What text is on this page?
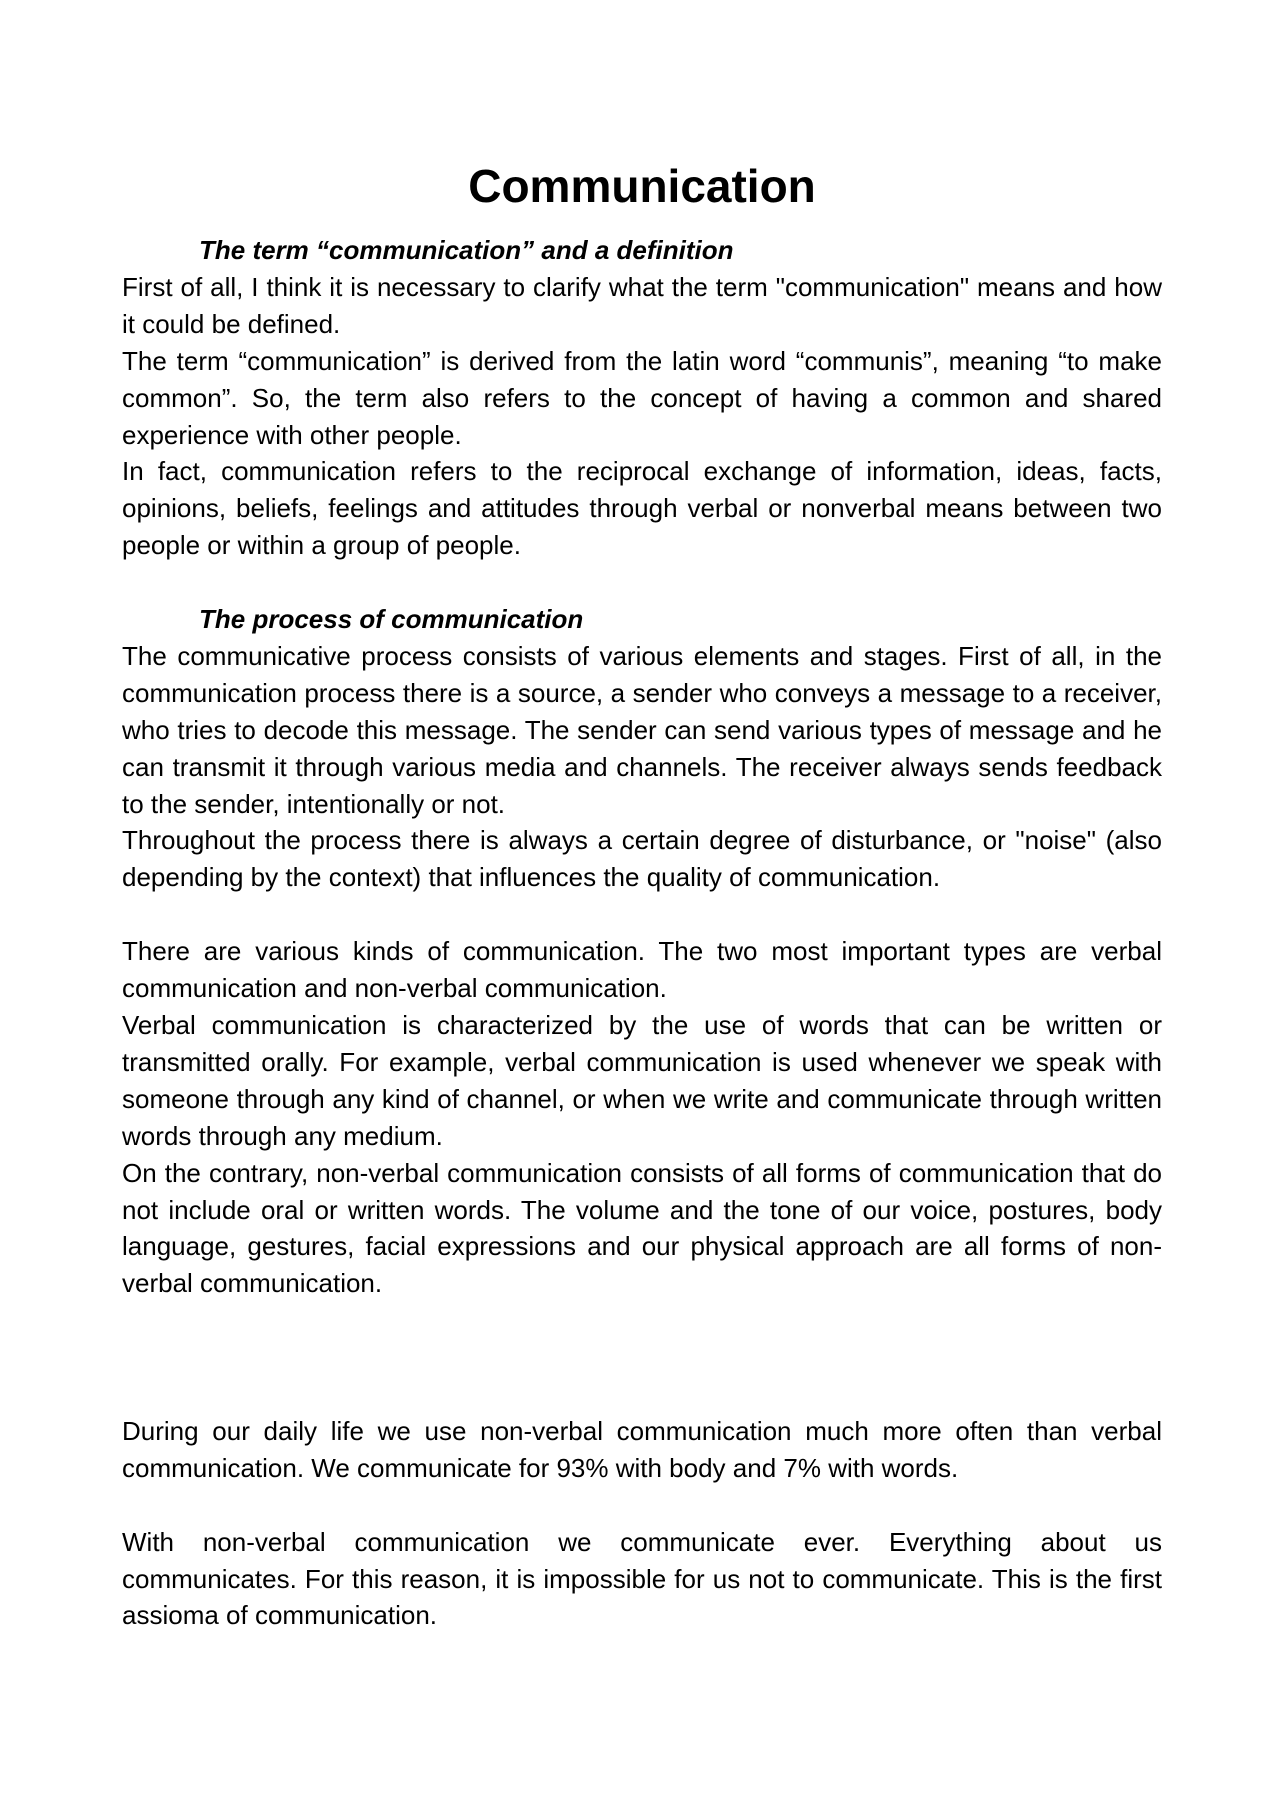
Communication

The term “communication” and a definition

First of all, I think it is necessary to clarify what the term "communication" means and how it could be defined.

The term “communication” is derived from the latin word “communis”, meaning “to make common”. So, the term also refers to the concept of having a common and shared experience with other people.

In fact, communication refers to the reciprocal exchange of information, ideas, facts, opinions, beliefs, feelings and attitudes through verbal or nonverbal means between two people or within a group of people.

The process of communication

The communicative process consists of various elements and stages. First of all, in the communication process there is a source, a sender who conveys a message to a receiver, who tries to decode this message. The sender can send various types of message and he can transmit it through various media and channels. The receiver always sends feedback to the sender, intentionally or not.

Throughout the process there is always a certain degree of disturbance, or "noise" (also depending by the context) that influences the quality of communication.

There are various kinds of communication. The two most important types are verbal communication and non-verbal communication.

Verbal communication is characterized by the use of words that can be written or transmitted orally. For example, verbal communication is used whenever we speak with someone through any kind of channel, or when we write and communicate through written words through any medium.

On the contrary, non-verbal communication consists of all forms of communication that do not include oral or written words. The volume and the tone of our voice, postures, body language, gestures, facial expressions and our physical approach are all forms of non-verbal communication.

During our daily life we use non-verbal communication much more often than verbal communication. We communicate for 93% with body and 7% with words.

With non-verbal communication we communicate ever. Everything about us communicates. For this reason, it is impossible for us not to communicate. This is the first assioma of communication.
